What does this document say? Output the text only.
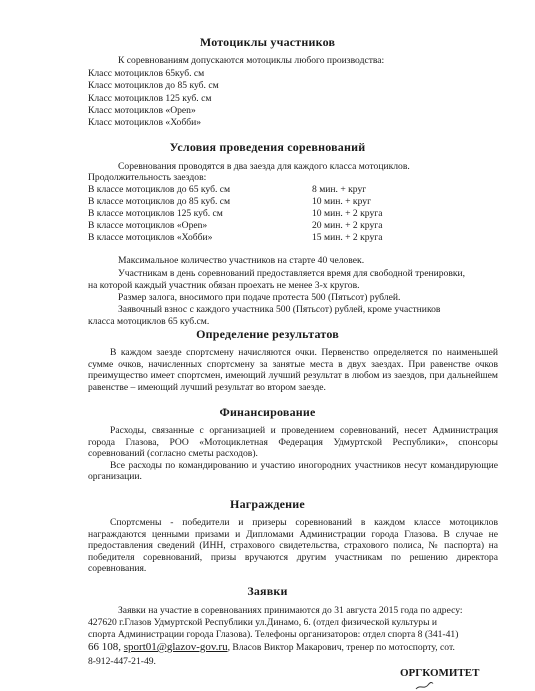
Мотоциклы участников
К соревнованиям допускаются мотоциклы любого производства:
Класс мотоциклов 65куб. см
Класс мотоциклов до 85 куб. см
Класс мотоциклов 125 куб. см
Класс мотоциклов «Open»
Класс мотоциклов «Хобби»
Условия проведения соревнований
Соревнования проводятся в два заезда для каждого класса мотоциклов.
Продолжительность заездов:
В классе мотоциклов до 65 куб. см	8 мин. + круг
В классе мотоциклов до 85 куб. см	10 мин. + круг
В классе мотоциклов 125 куб. см	10 мин. + 2 круга
В классе мотоциклов «Open»	20 мин. + 2 круга
В классе мотоциклов «Хобби»	15 мин. + 2 круга
Максимальное количество участников на старте 40 человек.
Участникам в день соревнований предоставляется время для свободной тренировки,
на которой каждый участник обязан проехать не менее 3-х кругов.
Размер залога, вносимого при подаче протеста 500 (Пятьсот) рублей.
Заявочный взнос с каждого участника 500 (Пятьсот) рублей, кроме участников
класса мотоциклов 65 куб.см.
Определение результатов

В каждом заезде спортсмену начисляются очки. Первенство определяется по наименьшей сумме очков, начисленных спортсмену за занятые места в двух заездах. При равенстве очков преимущество имеет спортсмен, имеющий лучший результат в любом из заездов, при дальнейшем равенстве – имеющий лучший результат во втором заезде.

Финансирование

Расходы, связанные с организацией и проведением соревнований, несет Администрация города Глазова, РОО «Мотоциклетная Федерация Удмуртской Республики», спонсоры соревнований (согласно сметы расходов).

Все расходы по командированию и участию иногородних участников несут командирующие организации.

Награждение

Спортсмены - победители и призеры соревнований в каждом классе мотоциклов награждаются ценными призами и Дипломами Администрации города Глазова. В случае не предоставления сведений (ИНН, страхового свидетельства, страхового полиса, № паспорта) на победителя соревнований, призы вручаются другим участникам по решению директора соревнования.

Заявки
Заявки на участие в соревнованиях принимаются до 31 августа 2015 года по адресу:
427620 г.Глазов Удмуртской Республики ул.Динамо, 6. (отдел физической культуры и
спорта Администрации города Глазова). Телефоны организаторов: отдел спорта 8 (341-41)
66 108, sport01@glazov-gov.ru, Власов Виктор Макарович, тренер по мотоспорту, сот.
8-912-447-21-49.
ОРГКОМИТЕТ
